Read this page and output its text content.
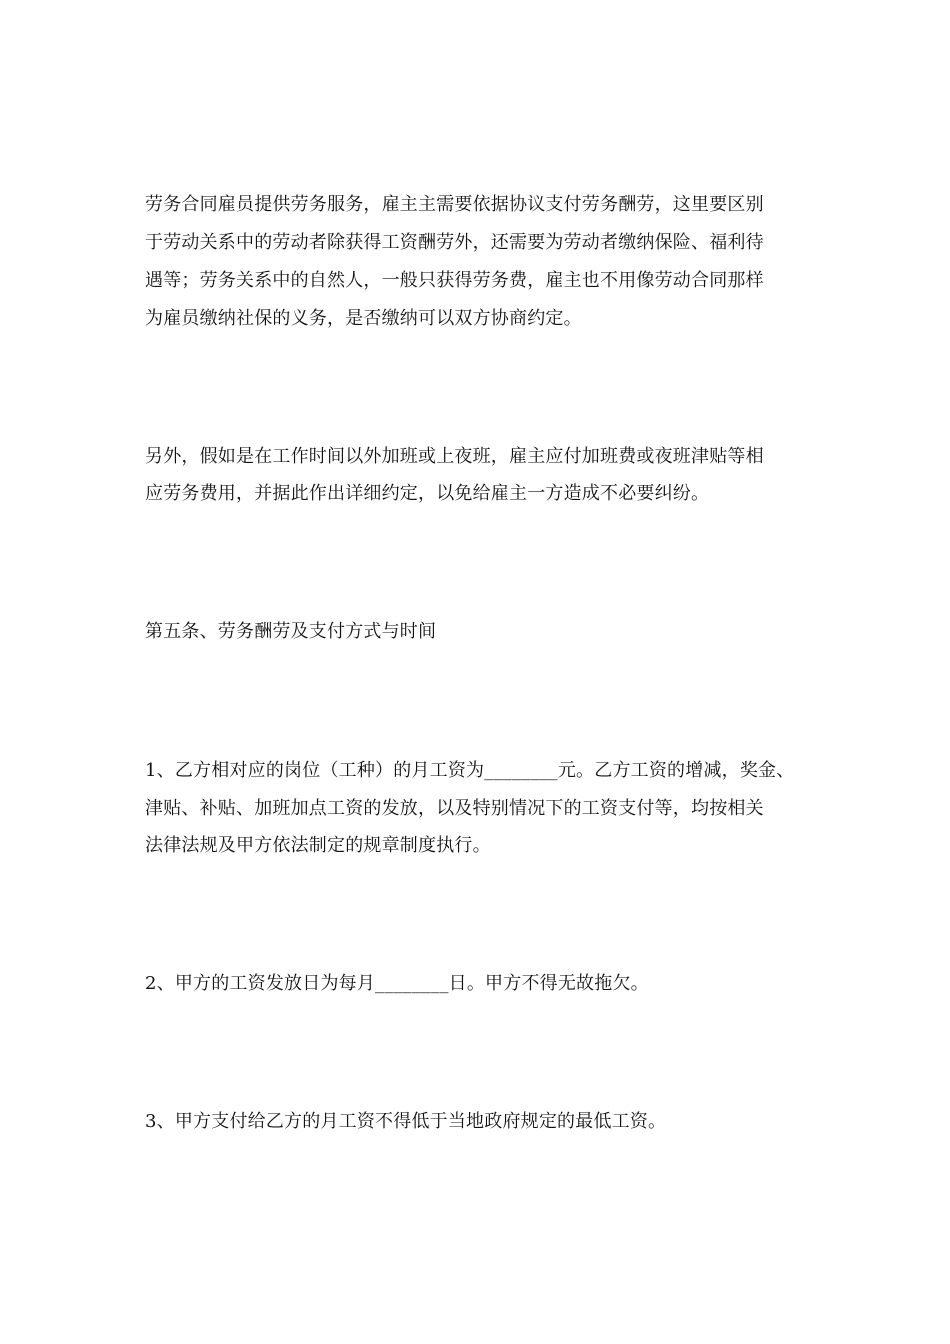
劳务合同雇员提供劳务服务，雇主主需要依据协议支付劳务酬劳，这里要区别
于劳动关系中的劳动者除获得工资酬劳外，还需要为劳动者缴纳保险、福利待
遇等；劳务关系中的自然人，一般只获得劳务费，雇主也不用像劳动合同那样
为雇员缴纳社保的义务，是否缴纳可以双方协商约定。
另外，假如是在工作时间以外加班或上夜班，雇主应付加班费或夜班津贴等相
应劳务费用，并据此作出详细约定，以免给雇主一方造成不必要纠纷。
第五条、劳务酬劳及支付方式与时间
1、乙方相对应的岗位（工种）的月工资为________元。乙方工资的增减，奖金、
津贴、补贴、加班加点工资的发放，以及特别情况下的工资支付等，均按相关
法律法规及甲方依法制定的规章制度执行。
2、甲方的工资发放日为每月________日。甲方不得无故拖欠。
3、甲方支付给乙方的月工资不得低于当地政府规定的最低工资。
